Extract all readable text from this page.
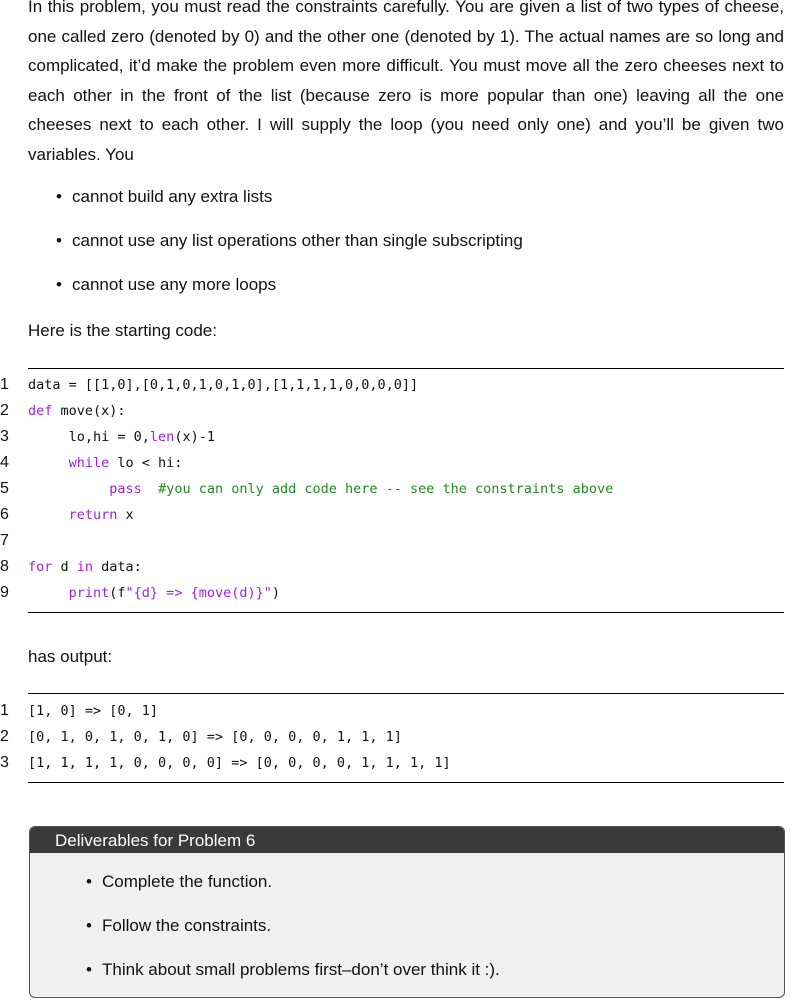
In this problem, you must read the constraints carefully. You are given a list of two types of cheese, one called zero (denoted by 0) and the other one (denoted by 1). The actual names are so long and complicated, it’d make the problem even more difficult. You must move all the zero cheeses next to each other in the front of the list (because zero is more popular than one) leaving all the one cheeses next to each other. I will supply the loop (you need only one) and you’ll be given two variables. You
• cannot build any extra lists
• cannot use any list operations other than single subscripting
• cannot use any more loops
Here is the starting code:
1 data = [[1,0],[0,1,0,1,0,1,0],[1,1,1,1,0,0,0,0]]
2 def move(x):
3	lo,hi = 0,len(x)-1
4	while lo < hi:
5	pass #you can only add code here -- see the constraints above
6	return x
7
8 for d in data:
9	print(f"{d} => {move(d)}")
has output:
1 [1, 0] => [0, 1]
2 [0, 1, 0, 1, 0, 1, 0] => [0, 0, 0, 0, 1, 1, 1]
3 [1, 1, 1, 1, 0, 0, 0, 0] => [0, 0, 0, 0, 1, 1, 1, 1]
Deliverables for Problem 6
• Complete the function.
• Follow the constraints.
• Think about small problems first–don’t over think it :).
